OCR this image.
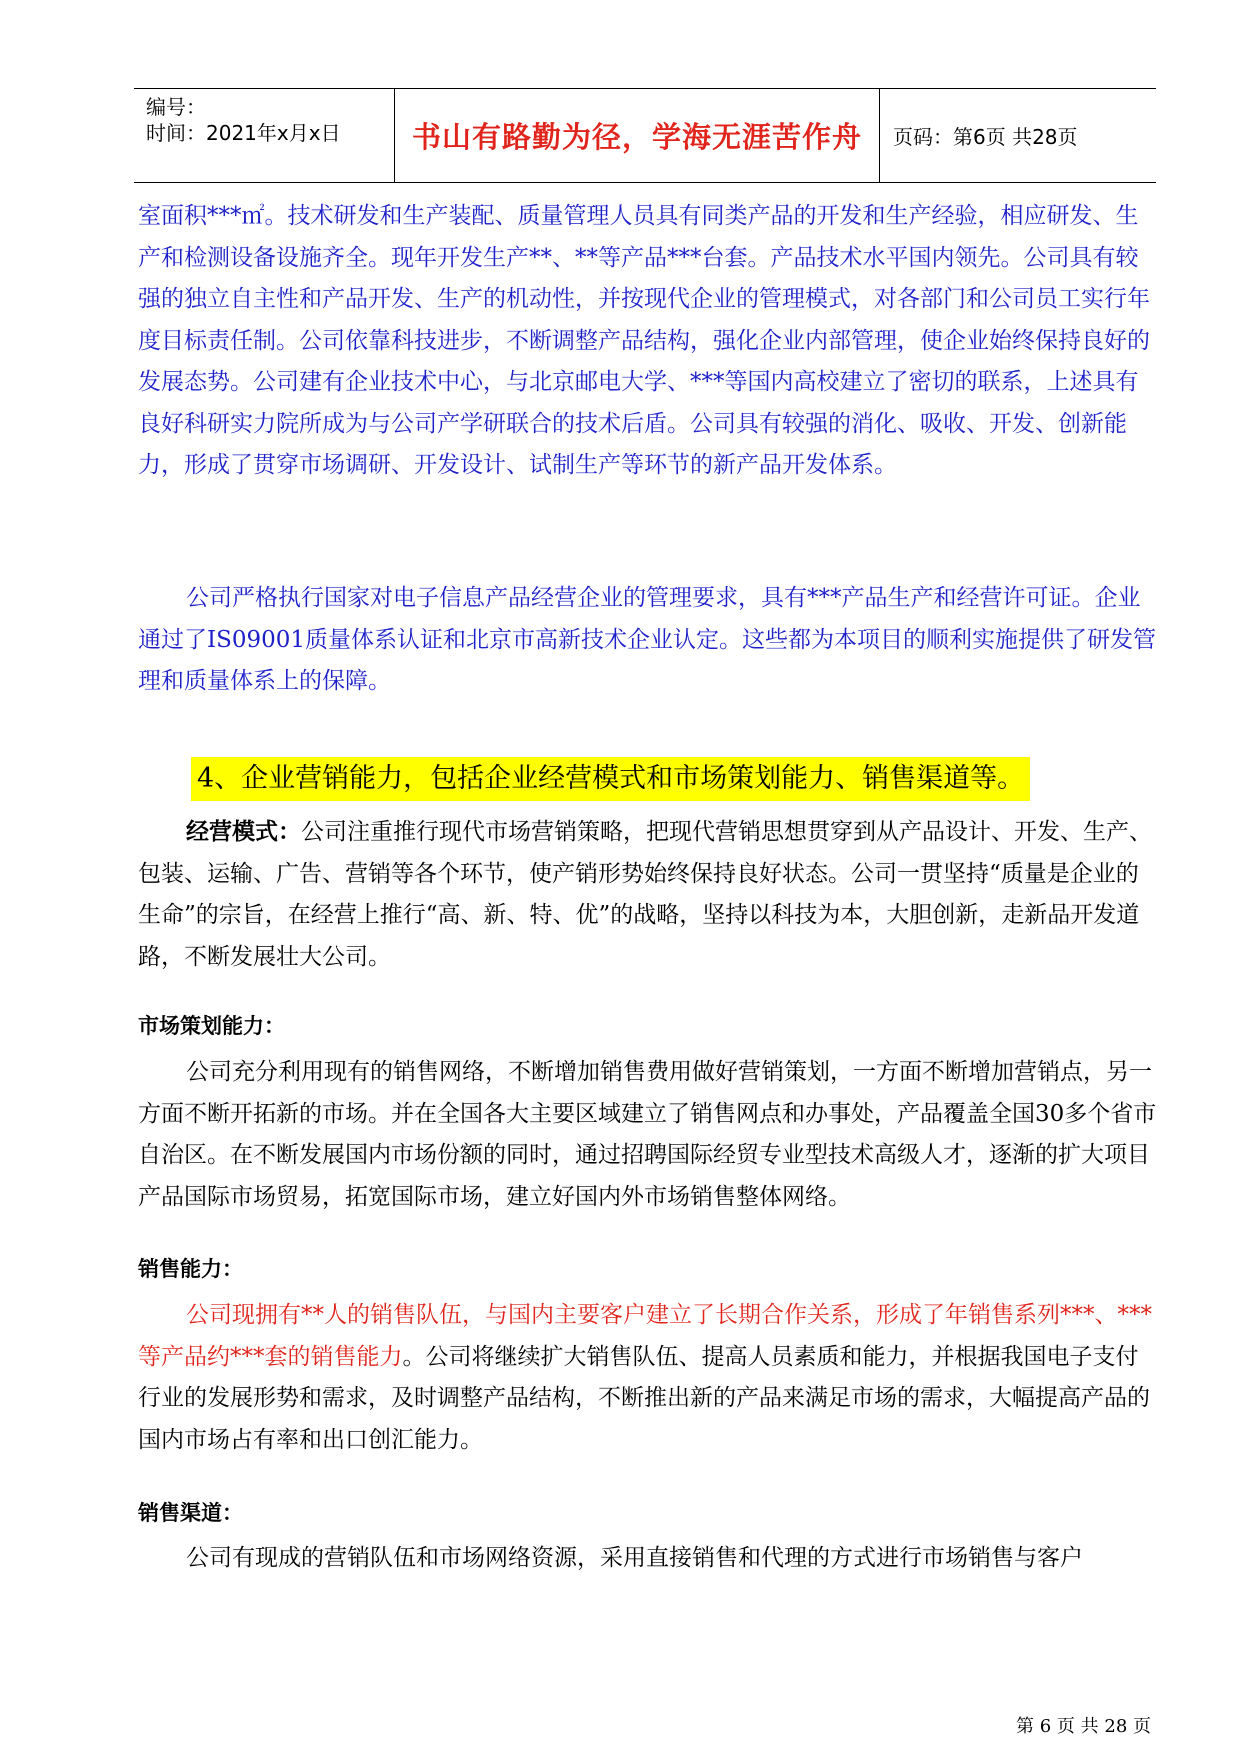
编号：
时间：2021年x月x日 书山有路勤为径，学海无涯苦作舟 页码：第6页 共28页

室面积***㎡。技术研发和生产装配、质量管理人员具有同类产品的开发和生产经验，相应研发、生产和检测设备设施齐全。现年开发生产**、**等产品***台套。产品技术水平国内领先。公司具有较强的独立自主性和产品开发、生产的机动性，并按现代企业的管理模式，对各部门和公司员工实行年度目标责任制。公司依靠科技进步，不断调整产品结构，强化企业内部管理，使企业始终保持良好的发展态势。公司建有企业技术中心，与北京邮电大学、***等国内高校建立了密切的联系，上述具有良好科研实力院所成为与公司产学研联合的技术后盾。公司具有较强的消化、吸收、开发、创新能力，形成了贯穿市场调研、开发设计、试制生产等环节的新产品开发体系。

公司严格执行国家对电子信息产品经营企业的管理要求，具有***产品生产和经营许可证。企业通过了IS09001质量体系认证和北京市高新技术企业认定。这些都为本项目的顺利实施提供了研发管理和质量体系上的保障。

4、企业营销能力，包括企业经营模式和市场策划能力、销售渠道等。

经营模式：公司注重推行现代市场营销策略，把现代营销思想贯穿到从产品设计、开发、生产、包装、运输、广告、营销等各个环节，使产销形势始终保持良好状态。公司一贯坚持“质量是企业的生命”的宗旨，在经营上推行“高、新、特、优”的战略，坚持以科技为本，大胆创新，走新品开发道路，不断发展壮大公司。

市场策划能力：

公司充分利用现有的销售网络，不断增加销售费用做好营销策划，一方面不断增加营销点，另一方面不断开拓新的市场。并在全国各大主要区域建立了销售网点和办事处，产品覆盖全国30多个省市自治区。在不断发展国内市场份额的同时，通过招聘国际经贸专业型技术高级人才，逐渐的扩大项目产品国际市场贸易，拓宽国际市场，建立好国内外市场销售整体网络。

销售能力：

公司现拥有**人的销售队伍，与国内主要客户建立了长期合作关系，形成了年销售系列***、***等产品约***套的销售能力。公司将继续扩大销售队伍、提高人员素质和能力，并根据我国电子支付行业的发展形势和需求，及时调整产品结构，不断推出新的产品来满足市场的需求，大幅提高产品的国内市场占有率和出口创汇能力。

销售渠道：

公司有现成的营销队伍和市场网络资源，采用直接销售和代理的方式进行市场销售与客户

第 6 页 共 28 页
